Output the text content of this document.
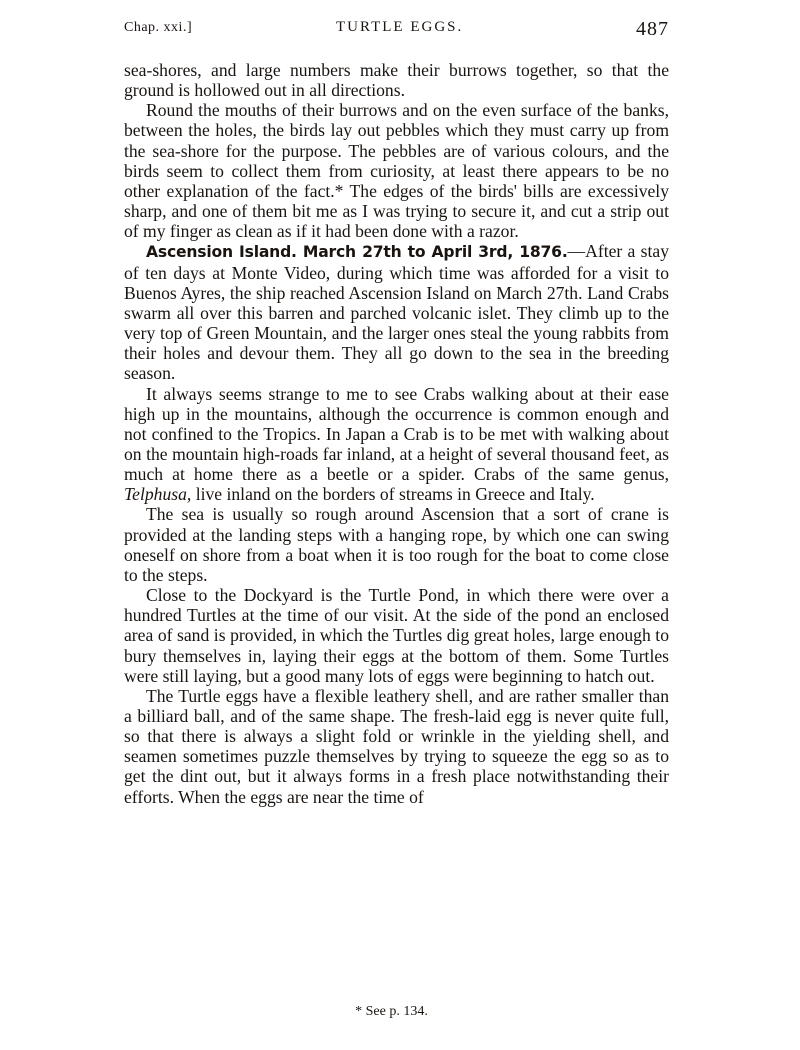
Chap. xxi.]	TURTLE EGGS.	487

sea-shores, and large numbers make their burrows together, so that the ground is hollowed out in all directions.

Round the mouths of their burrows and on the even surface of the banks, between the holes, the birds lay out pebbles which they must carry up from the sea-shore for the purpose. The pebbles are of various colours, and the birds seem to collect them from curiosity, at least there appears to be no other explanation of the fact.* The edges of the birds' bills are excessively sharp, and one of them bit me as I was trying to secure it, and cut a strip out of my finger as clean as if it had been done with a razor.

Ascension Island. March 27th to April 3rd, 1876.—After a stay of ten days at Monte Video, during which time was afforded for a visit to Buenos Ayres, the ship reached Ascension Island on March 27th. Land Crabs swarm all over this barren and parched volcanic islet. They climb up to the very top of Green Mountain, and the larger ones steal the young rabbits from their holes and devour them. They all go down to the sea in the breeding season.

It always seems strange to me to see Crabs walking about at their ease high up in the mountains, although the occurrence is common enough and not confined to the Tropics. In Japan a Crab is to be met with walking about on the mountain high-roads far inland, at a height of several thousand feet, as much at home there as a beetle or a spider. Crabs of the same genus, Telphusa, live inland on the borders of streams in Greece and Italy.

The sea is usually so rough around Ascension that a sort of crane is provided at the landing steps with a hanging rope, by which one can swing oneself on shore from a boat when it is too rough for the boat to come close to the steps.

Close to the Dockyard is the Turtle Pond, in which there were over a hundred Turtles at the time of our visit. At the side of the pond an enclosed area of sand is provided, in which the Turtles dig great holes, large enough to bury themselves in, laying their eggs at the bottom of them. Some Turtles were still laying, but a good many lots of eggs were beginning to hatch out.

The Turtle eggs have a flexible leathery shell, and are rather smaller than a billiard ball, and of the same shape. The fresh-laid egg is never quite full, so that there is always a slight fold or wrinkle in the yielding shell, and seamen sometimes puzzle themselves by trying to squeeze the egg so as to get the dint out, but it always forms in a fresh place notwithstanding their efforts. When the eggs are near the time of

* See p. 134.
